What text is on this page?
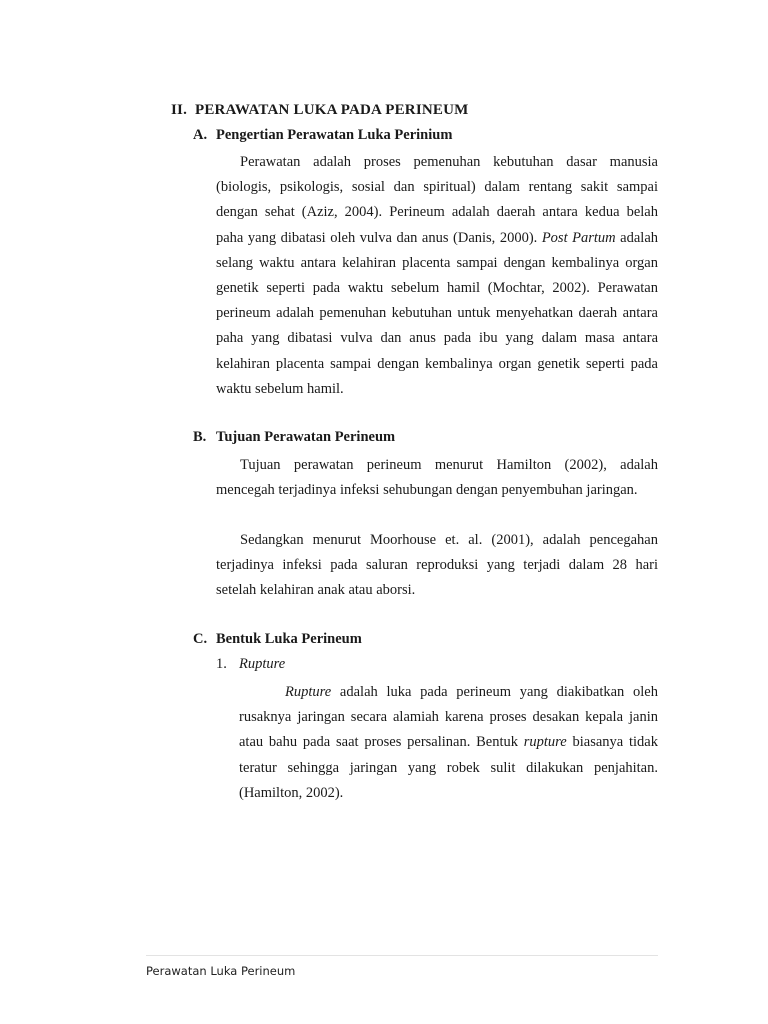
II. PERAWATAN LUKA PADA PERINEUM
A. Pengertian Perawatan Luka Perinium

Perawatan adalah proses pemenuhan kebutuhan dasar manusia (biologis, psikologis, sosial dan spiritual) dalam rentang sakit sampai dengan sehat (Aziz, 2004). Perineum adalah daerah antara kedua belah paha yang dibatasi oleh vulva dan anus (Danis, 2000). Post Partum adalah selang waktu antara kelahiran placenta sampai dengan kembalinya organ genetik seperti pada waktu sebelum hamil (Mochtar, 2002). Perawatan perineum adalah pemenuhan kebutuhan untuk menyehatkan daerah antara paha yang dibatasi vulva dan anus pada ibu yang dalam masa antara kelahiran placenta sampai dengan kembalinya organ genetik seperti pada waktu sebelum hamil.

B. Tujuan Perawatan Perineum

Tujuan perawatan perineum menurut Hamilton (2002), adalah mencegah terjadinya infeksi sehubungan dengan penyembuhan jaringan.

Sedangkan menurut Moorhouse et. al. (2001), adalah pencegahan terjadinya infeksi pada saluran reproduksi yang terjadi dalam 28 hari setelah kelahiran anak atau aborsi.

C. Bentuk Luka Perineum
1. Rupture

Rupture adalah luka pada perineum yang diakibatkan oleh rusaknya jaringan secara alamiah karena proses desakan kepala janin atau bahu pada saat proses persalinan. Bentuk rupture biasanya tidak teratur sehingga jaringan yang robek sulit dilakukan penjahitan. (Hamilton, 2002).

Perawatan Luka Perineum
